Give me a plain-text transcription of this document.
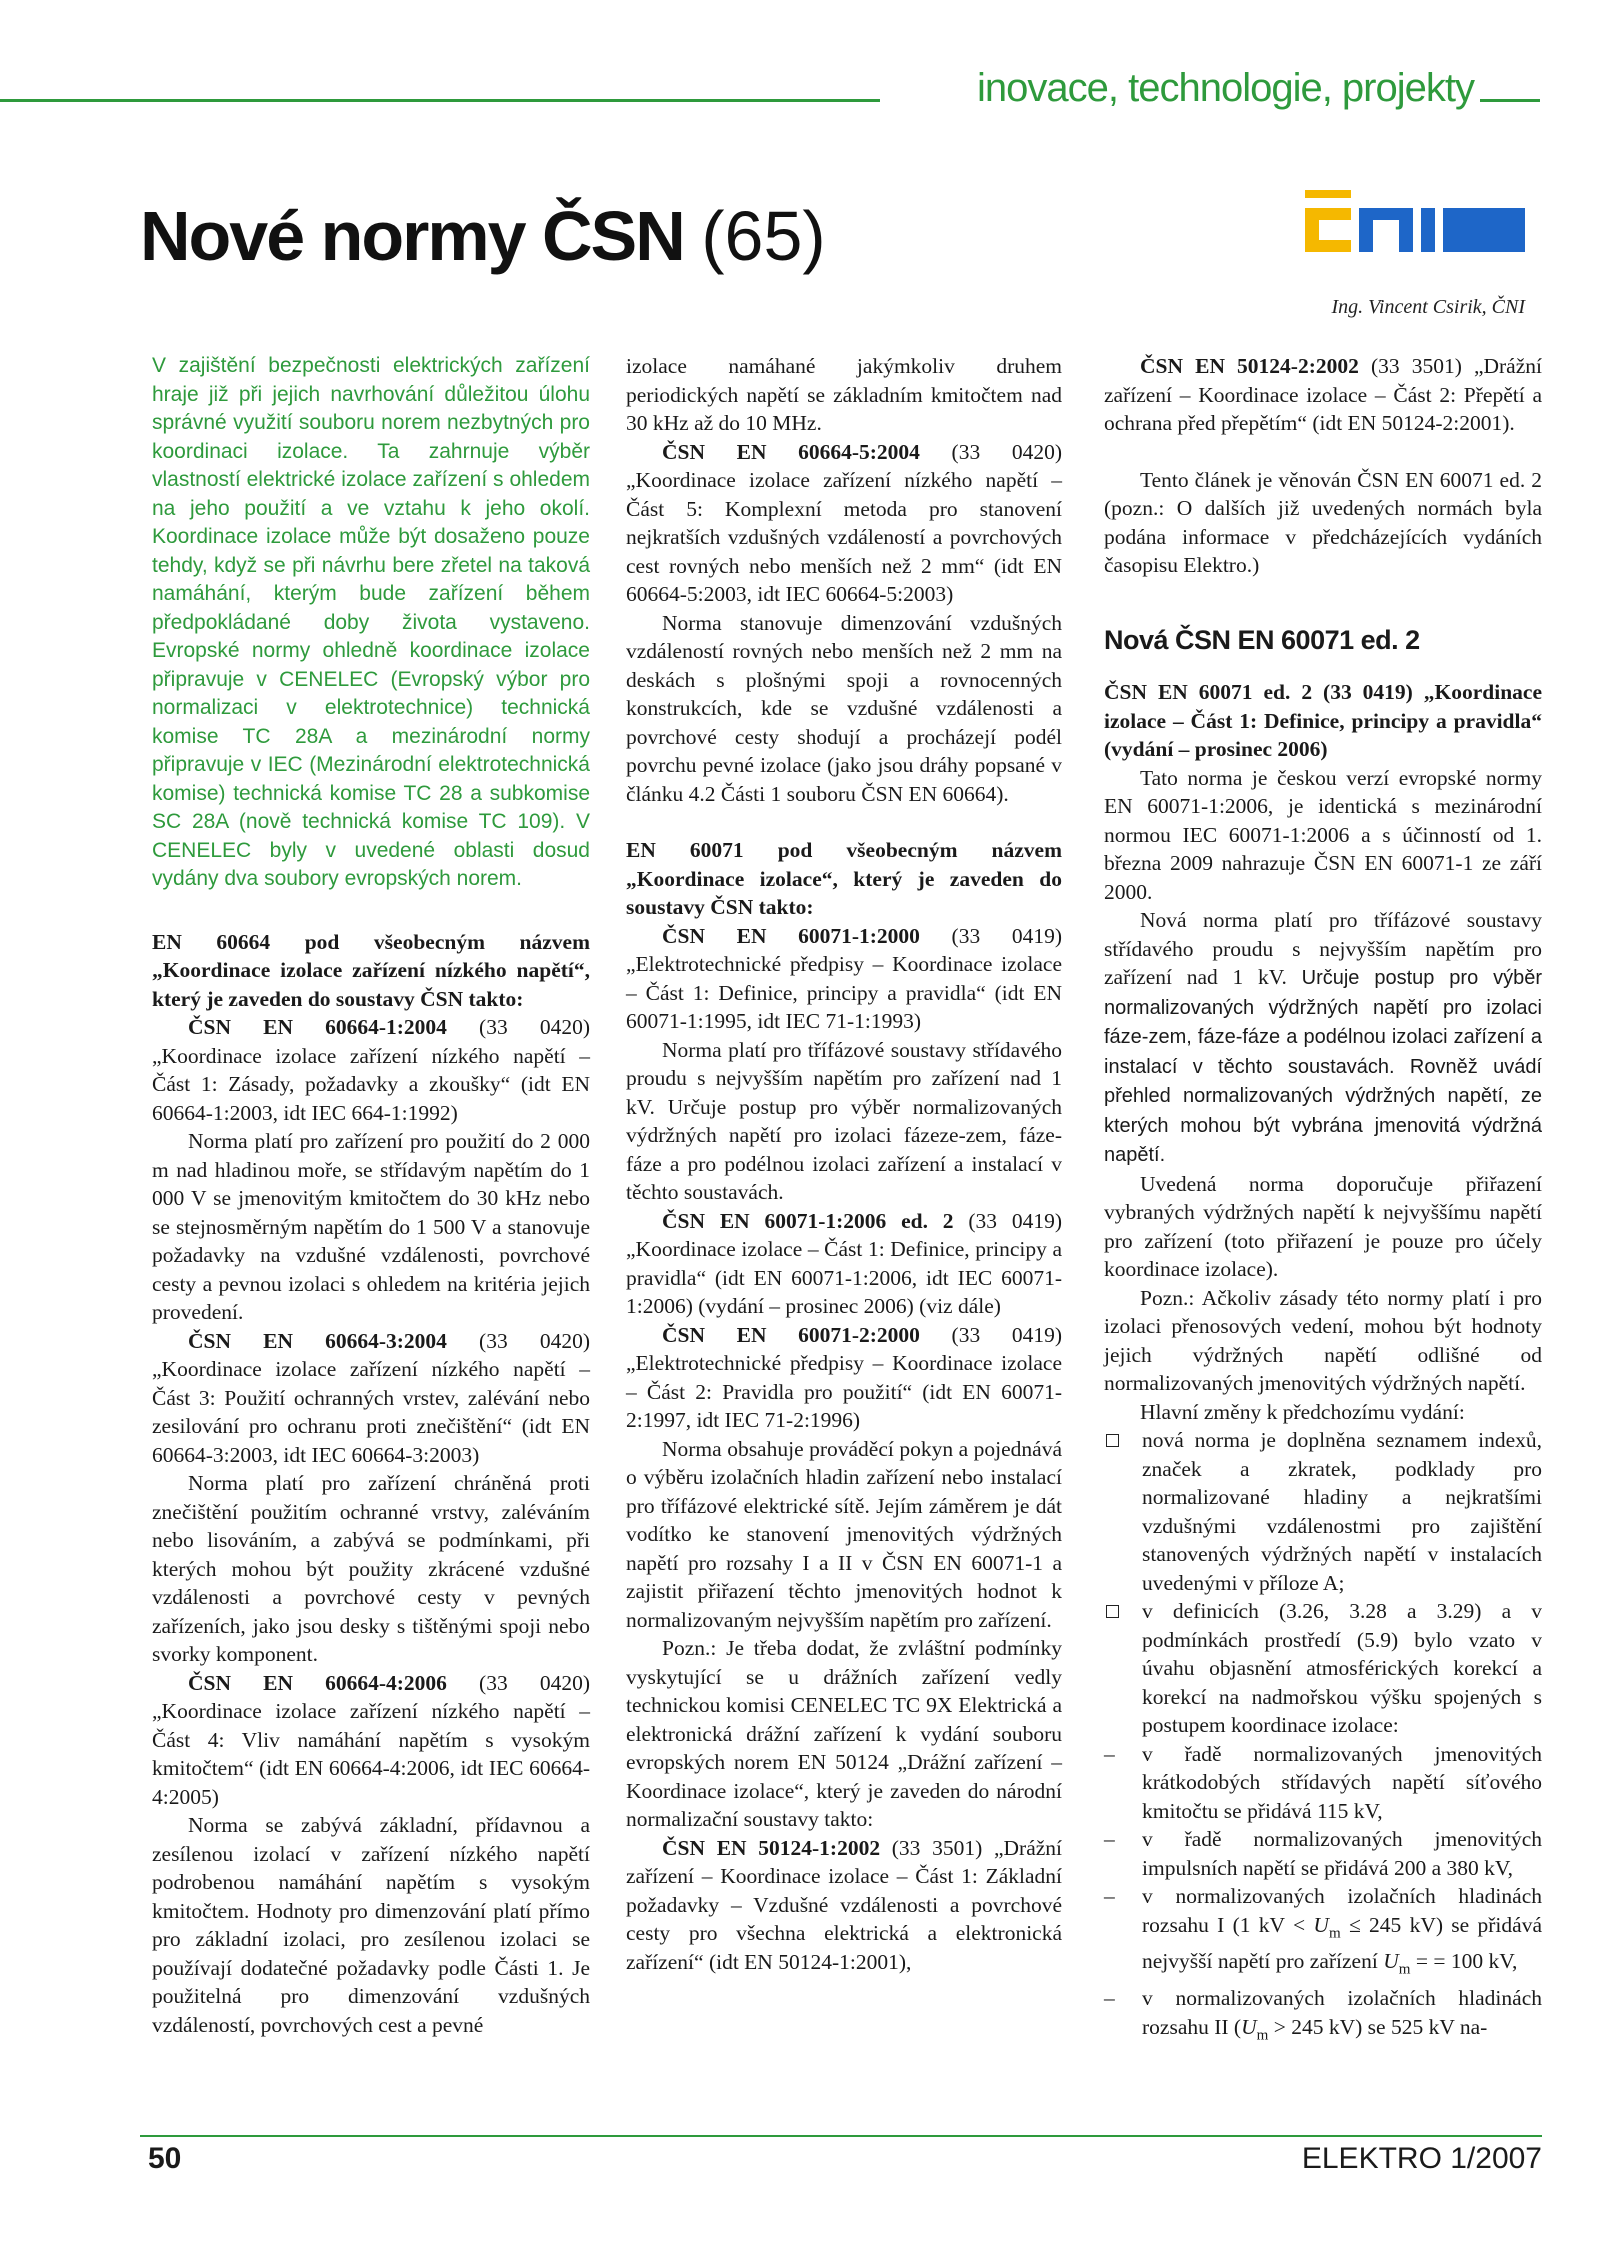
inovace, technologie, projekty
Nové normy ČSN (65)
Ing. Vincent Csirik, ČNI
V zajištění bezpečnosti elektrických zařízení hraje již při jejich navrhování důležitou úlohu správné využití souboru norem nezbytných pro koordinaci izolace. Ta zahrnuje výběr vlastností elektrické izolace zařízení s ohledem na jeho použití a ve vztahu k jeho okolí. Koordinace izolace může být dosaženo pouze tehdy, když se při návrhu bere zřetel na taková namáhání, kterým bude zařízení během předpokládané doby života vystaveno. Evropské normy ohledně koordinace izolace připravuje v CENELEC (Evropský výbor pro normalizaci v elektrotechnice) technická komise TC 28A a mezinárodní normy připravuje v IEC (Mezinárodní elektrotechnická komise) technická komise TC 28 a subkomise SC 28A (nově technická komise TC 109). V CENELEC byly v uvedené oblasti dosud vydány dva soubory evropských norem.

EN 60664 pod všeobecným názvem „Koordinace izolace zařízení nízkého napětí“, který je zaveden do soustavy ČSN takto:

ČSN EN 60664-1:2004 (33 0420) „Koordinace izolace zařízení nízkého napětí – Část 1: Zásady, požadavky a zkoušky“ (idt EN 60664-1:2003, idt IEC 664-1:1992)

Norma platí pro zařízení pro použití do 2 000 m nad hladinou moře, se střídavým napětím do 1 000 V se jmenovitým kmitočtem do 30 kHz nebo se stejnosměrným napětím do 1 500 V a stanovuje požadavky na vzdušné vzdálenosti, povrchové cesty a pevnou izolaci s ohledem na kritéria jejich provedení.

ČSN EN 60664-3:2004 (33 0420) „Koordinace izolace zařízení nízkého napětí – Část 3: Použití ochranných vrstev, zalévání nebo zesilování pro ochranu proti znečištění“ (idt EN 60664-3:2003, idt IEC 60664-3:2003)

Norma platí pro zařízení chráněná proti znečištění použitím ochranné vrstvy, zaléváním nebo lisováním, a zabývá se podmínkami, při kterých mohou být použity zkrácené vzdušné vzdálenosti a povrchové cesty v pevných zařízeních, jako jsou desky s tištěnými spoji nebo svorky komponent.

ČSN EN 60664-4:2006 (33 0420) „Koordinace izolace zařízení nízkého napětí – Část 4: Vliv namáhání napětím s vysokým kmitočtem“ (idt EN 60664-4:2006, idt IEC 60664-4:2005)

Norma se zabývá základní, přídavnou a zesílenou izolací v zařízení nízkého napětí podrobenou namáhání napětím s vysokým kmitočtem. Hodnoty pro dimenzování platí přímo pro základní izolaci, pro zesílenou izolaci se používají dodatečné požadavky podle Části 1. Je použitelná pro dimenzování vzdušných vzdáleností, povrchových cest a pevné

izolace namáhané jakýmkoliv druhem periodických napětí se základním kmitočtem nad 30 kHz až do 10 MHz.

ČSN EN 60664-5:2004 (33 0420) „Koordinace izolace zařízení nízkého napětí – Část 5: Komplexní metoda pro stanovení nejkratších vzdušných vzdáleností a povrchových cest rovných nebo menších než 2 mm“ (idt EN 60664-5:2003, idt IEC 60664-5:2003)

Norma stanovuje dimenzování vzdušných vzdáleností rovných nebo menších než 2 mm na deskách s plošnými spoji a rovnocenných konstrukcích, kde se vzdušné vzdálenosti a povrchové cesty shodují a procházejí podél povrchu pevné izolace (jako jsou dráhy popsané v článku 4.2 Části 1 souboru ČSN EN 60664).

EN 60071 pod všeobecným názvem „Koordinace izolace“, který je zaveden do soustavy ČSN takto:

ČSN EN 60071-1:2000 (33 0419) „Elektrotechnické předpisy – Koordinace izolace – Část 1: Definice, principy a pravidla“ (idt EN 60071-1:1995, idt IEC 71-1:1993)

Norma platí pro třífázové soustavy střídavého proudu s nejvyšším napětím pro zařízení nad 1 kV. Určuje postup pro výběr normalizovaných výdržných napětí pro izolaci fázeze-zem, fáze-fáze a pro podélnou izolaci zařízení a instalací v těchto soustavách.

ČSN EN 60071-1:2006 ed. 2 (33 0419) „Koordinace izolace – Část 1: Definice, principy a pravidla“ (idt EN 60071-1:2006, idt IEC 60071-1:2006) (vydání – prosinec 2006) (viz dále)

ČSN EN 60071-2:2000 (33 0419) „Elektrotechnické předpisy – Koordinace izolace – Část 2: Pravidla pro použití“ (idt EN 60071-2:1997, idt IEC 71-2:1996)

Norma obsahuje prováděcí pokyn a pojednává o výběru izolačních hladin zařízení nebo instalací pro třífázové elektrické sítě. Jejím záměrem je dát vodítko ke stanovení jmenovitých výdržných napětí pro rozsahy I a II v ČSN EN 60071-1 a zajistit přiřazení těchto jmenovitých hodnot k normalizovaným nejvyšším napětím pro zařízení.

Pozn.: Je třeba dodat, že zvláštní podmínky vyskytující se u drážních zařízení vedly technickou komisi CENELEC TC 9X Elektrická a elektronická drážní zařízení k vydání souboru evropských norem EN 50124 „Drážní zařízení – Koordinace izolace“, který je zaveden do národní normalizační soustavy takto:

ČSN EN 50124-1:2002 (33 3501) „Drážní zařízení – Koordinace izolace – Část 1: Základní požadavky – Vzdušné vzdálenosti a povrchové cesty pro všechna elektrická a elektronická zařízení“ (idt EN 50124-1:2001),

ČSN EN 50124-2:2002 (33 3501) „Drážní zařízení – Koordinace izolace – Část 2: Přepětí a ochrana před přepětím“ (idt EN 50124-2:2001).

Tento článek je věnován ČSN EN 60071 ed. 2 (pozn.: O dalších již uvedených normách byla podána informace v předcházejících vydáních časopisu Elektro.)

Nová ČSN EN 60071 ed. 2

ČSN EN 60071 ed. 2 (33 0419) „Koordinace izolace – Část 1: Definice, principy a pravidla“ (vydání – prosinec 2006)

Tato norma je českou verzí evropské normy EN 60071-1:2006, je identická s mezinárodní normou IEC 60071-1:2006 a s účinností od 1. března 2009 nahrazuje ČSN EN 60071-1 ze září 2000.

Nová norma platí pro třífázové soustavy střídavého proudu s nejvyšším napětím pro zařízení nad 1 kV. Určuje postup pro výběr normalizovaných výdržných napětí pro izolaci fáze-zem, fáze-fáze a podélnou izolaci zařízení a instalací v těchto soustavách. Rovněž uvádí přehled normalizovaných výdržných napětí, ze kterých mohou být vybrána jmenovitá výdržná napětí.

Uvedená norma doporučuje přiřazení vybraných výdržných napětí k nejvyššímu napětí pro zařízení (toto přiřazení je pouze pro účely koordinace izolace).

Pozn.: Ačkoliv zásady této normy platí i pro izolaci přenosových vedení, mohou být hodnoty jejich výdržných napětí odlišné od normalizovaných jmenovitých výdržných napětí.

Hlavní změny k předchozímu vydání:

nová norma je doplněna seznamem indexů, značek a zkratek, podklady pro normalizované hladiny a nejkratšími vzdušnými vzdálenostmi pro zajištění stanovených výdržných napětí v instalacích uvedenými v příloze A;
v definicích (3.26, 3.28 a 3.29) a v podmínkách prostředí (5.9) bylo vzato v úvahu objasnění atmosférických korekcí a korekcí na nadmořskou výšku spojených s postupem koordinace izolace:
– v řadě normalizovaných jmenovitých krátkodobých střídavých napětí síťového kmitočtu se přidává 115 kV,
– v řadě normalizovaných jmenovitých impulsních napětí se přidává 200 a 380 kV,
– v normalizovaných izolačních hladinách rozsahu I (1 kV < $U_m \le 245$ kV) se přidává nejvyšší napětí pro zařízení $U_m$ = = 100 kV,
– v normalizovaných izolačních hladinách rozsahu II ($U_m > 245$ kV) se 525 kV na-
50	ELEKTRO 1/2007
